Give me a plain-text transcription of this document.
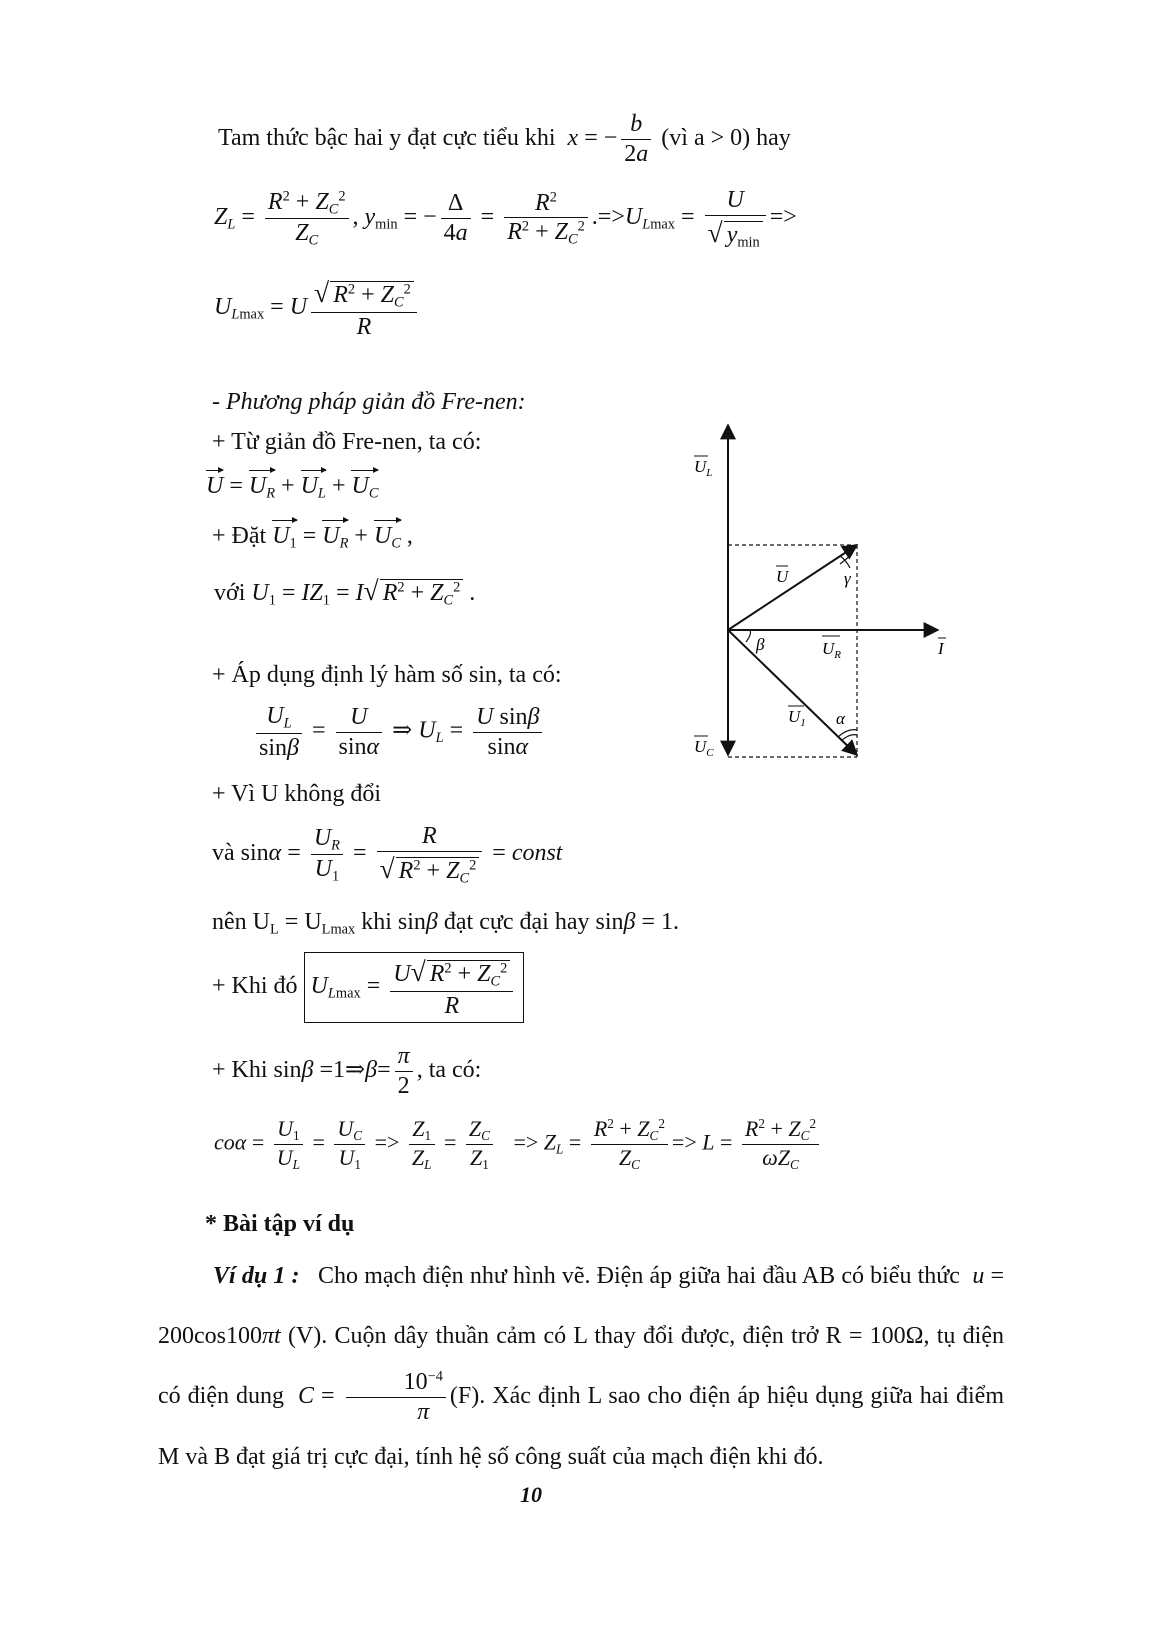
Tam thức bậc hai y đạt cực tiểu khi x = − $\frac{b}{2a}$ (vì a > 0) hay
$Z_L = \frac{R^2 + Z_C^2}{Z_C}$ , $y_{min}$ = − $\frac{\Delta}{4a} = \frac{R^2}{R^2 + Z_C^2} .=>U_{Lmax} = \frac{U}{√ y_{min}}$ =>
$U_{Lmax} = U \frac{√ R^2 + Z_C^2}{R}$
- Phương pháp giản đồ Fre-nen:
+ Từ giản đồ Fre-nen, ta có:
$U = U_R + U_L + U_C$
+ Đặt $U_1 = U_R + U_C$ ,
với $U_1 = IZ_1 = I√$ $R^2 + Z_C^2$ .
+ Áp dụng định lý hàm số sin, ta có:
$\frac{U_L}{\sin\beta} = \frac{U}{\sin\alpha}$ ⇒ $U_L = \frac{\text{U sinβ}}{\sin\alpha}$
+ Vì U không đổi
và $\sin\alpha = \frac{U_R}{U_1} = \frac{R}{√ R^2 + Z_C^2}$ = const
nên $U_L = U_{Lmax}$ khi sinβ đạt cực đại hay sinβ = 1.
+ Khi đó $U_{Lmax} = \frac{U√ R^2 + Z_C^2}{R}$
+ Khi sinβ =1⇒β= $\frac{\pi}{2}$ , ta có:
$co\alpha = \frac{U_1}{U_L} = \frac{U_C}{U_1} => \frac{Z_1}{Z_L} = \frac{Z_C}{Z_1} => Z_L = \frac{R^2 + Z_C^2}{Z_C} => L = \frac{R^2 + Z_C^2}{\omega Z_C}$
* Bài tập ví dụ
Ví dụ 1 : Cho mạch điện như hình vẽ. Điện áp giữa hai đầu AB có biểu thức u = 200cos100πt (V). Cuộn dây thuần cảm có L thay đổi được, điện trở R = 100Ω, tụ điện có điện dung $C = \frac{10^{-4}}{\pi} (F)$. Xác định L sao cho điện áp hiệu dụng giữa hai điểm M và B đạt giá trị cực đại, tính hệ số công suất của mạch điện khi đó.
10
$U_L$
U	γ
β	$U_R$	I
$U_1$ α
$U_C$
